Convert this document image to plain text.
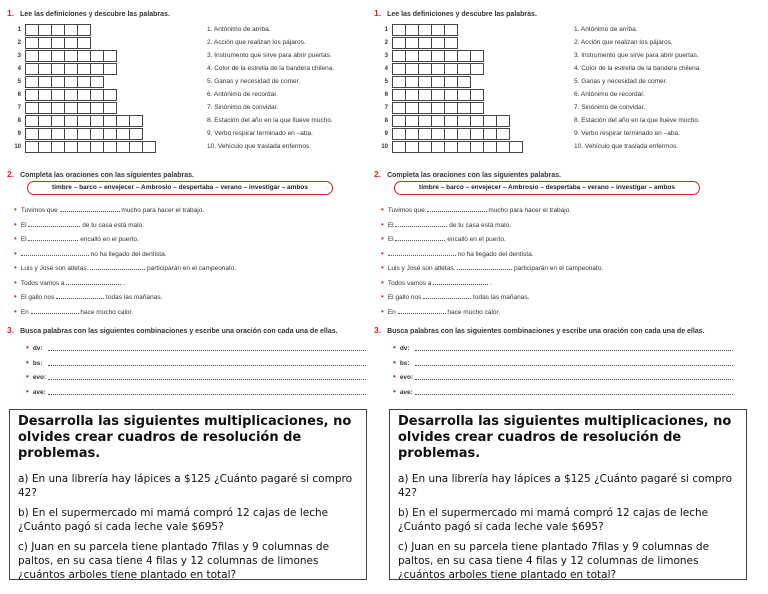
1. Lee las definiciones y descubre las palabras.
1	1. Antónimo de arriba.
2	2. Acción que realizan los pájaros.
3	3. Instrumento que sirve para abrir puertas.
4	4. Color de la estrella de la bandera chilena.
5	5. Ganas y necesidad de comer.
6	6. Antónimo de recordar.
7	7. Sinónimo de convidar.
8	8. Estación del año en la que llueve mucho.
9	9. Verbo respirar terminado en –aba.
10	10. Vehículo que traslada enfermos.
2. Completa las oraciones con las siguientes palabras.
timbre – barco – envejecer – Ambrosio – despertaba – verano – investigar – ambos
• Tuvimos que	mucho para hacer el trabajo.
• El	de tu casa está malo.
• El	encalló en el puerto.
•	no ha llegado del dentista.
• Luis y José son atletas.	participarán en el campeonato.
• Todos vamos a	.
• El gallo nos	todas las mañanas.
• En	hace mucho calor.
3. Busca palabras con las siguientes combinaciones y escribe una oración con cada una de ellas.
• dv:
• bs:
• evo:
• ave:
1. Lee las definiciones y descubre las palabras.
1	1. Antónimo de arriba.
2	2. Acción que realizan los pájaros.
3	3. Instrumento que sirve para abrir puertas.
4	4. Color de la estrella de la bandera chilena.
5	5. Ganas y necesidad de comer.
6	6. Antónimo de recordar.
7	7. Sinónimo de convidar.
8	8. Estación del año en la que llueve mucho.
9	9. Verbo respirar terminado en –aba.
10	10. Vehículo que traslada enfermos.
2. Completa las oraciones con las siguientes palabras.
timbre – barco – envejecer – Ambrosio – despertaba – verano – investigar – ambos
• Tuvimos que	mucho para hacer el trabajo.
• El	de tu casa está malo.
• El	encalló en el puerto.
•	no ha llegado del dentista.
• Luis y José son atletas.	participarán en el campeonato.
• Todos vamos a	.
• El gallo nos	todas las mañanas.
• En	hace mucho calor.
3. Busca palabras con las siguientes combinaciones y escribe una oración con cada una de ellas.
• dv:
• bs:
• evo:
• ave:
Desarrolla las siguientes multiplicaciones, no olvides crear cuadros de resolución de problemas.
a) En una librería hay lápices a $125 ¿Cuánto pagaré si compro 42?
b) En el supermercado mi mamá compró 12 cajas de leche ¿Cuánto pagó si cada leche vale $695?
c) Juan en su parcela tiene plantado 7filas y 9 columnas de paltos, en su casa tiene 4 filas y 12 columnas de limones ¿cuántos arboles tiene plantado en total?
Desarrolla las siguientes multiplicaciones, no olvides crear cuadros de resolución de problemas.
a) En una librería hay lápices a $125 ¿Cuánto pagaré si compro 42?
b) En el supermercado mi mamá compró 12 cajas de leche ¿Cuánto pagó si cada leche vale $695?
c) Juan en su parcela tiene plantado 7filas y 9 columnas de paltos, en su casa tiene 4 filas y 12 columnas de limones ¿cuántos arboles tiene plantado en total?
